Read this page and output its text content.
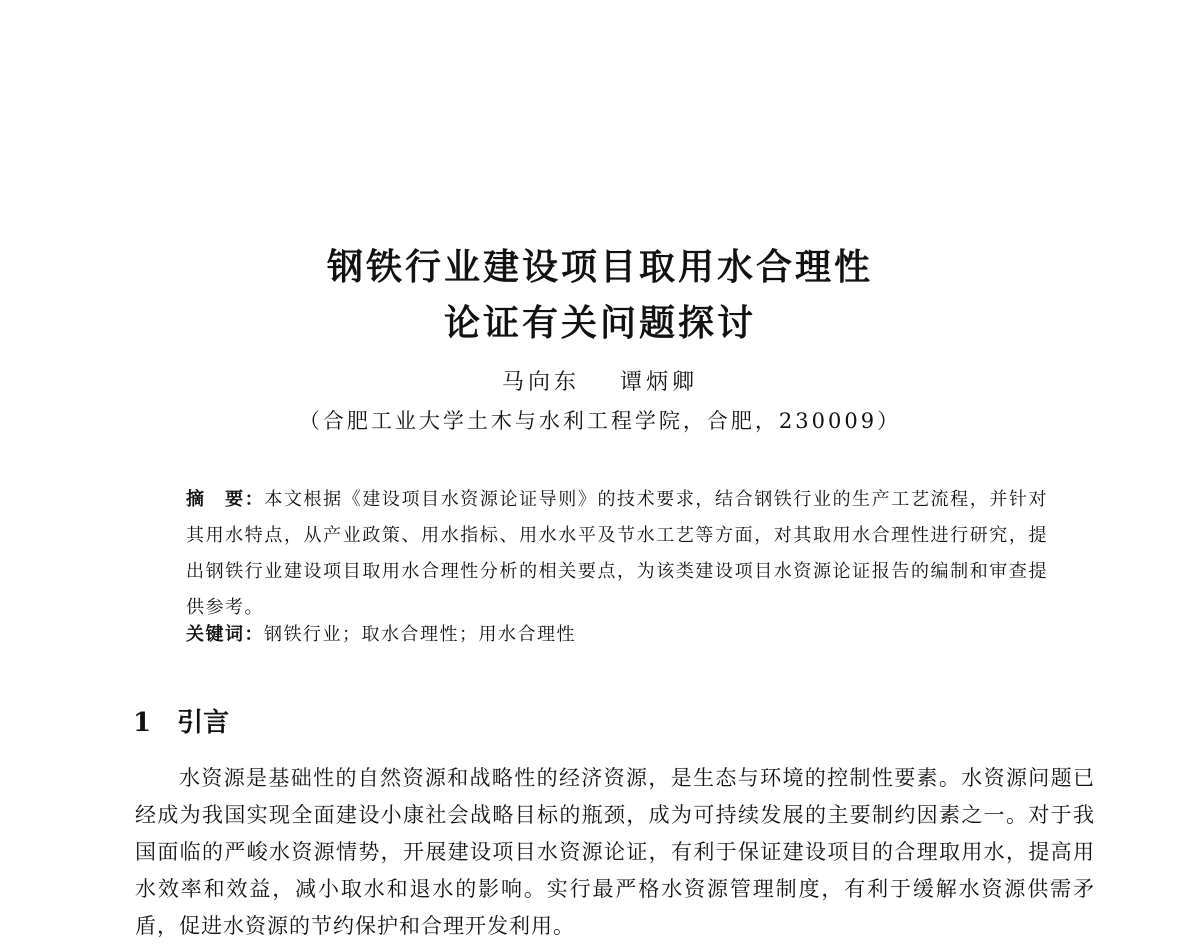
钢铁行业建设项目取用水合理性
论证有关问题探讨
马向东 谭炳卿
（合肥工业大学土木与水利工程学院，合肥，230009）
摘　要：本文根据《建设项目水资源论证导则》的技术要求，结合钢铁行业的生产工艺流程，并针对其用水特点，从产业政策、用水指标、用水水平及节水工艺等方面，对其取用水合理性进行研究，提出钢铁行业建设项目取用水合理性分析的相关要点，为该类建设项目水资源论证报告的编制和审查提供参考。
关键词：钢铁行业；取水合理性；用水合理性
1 引言
水资源是基础性的自然资源和战略性的经济资源，是生态与环境的控制性要素。水资源问题已经成为我国实现全面建设小康社会战略目标的瓶颈，成为可持续发展的主要制约因素之一。对于我国面临的严峻水资源情势，开展建设项目水资源论证，有利于保证建设项目的合理取用水，提高用水效率和效益，减小取水和退水的影响。实行最严格水资源管理制度，有利于缓解水资源供需矛盾，促进水资源的节约保护和合理开发利用。
